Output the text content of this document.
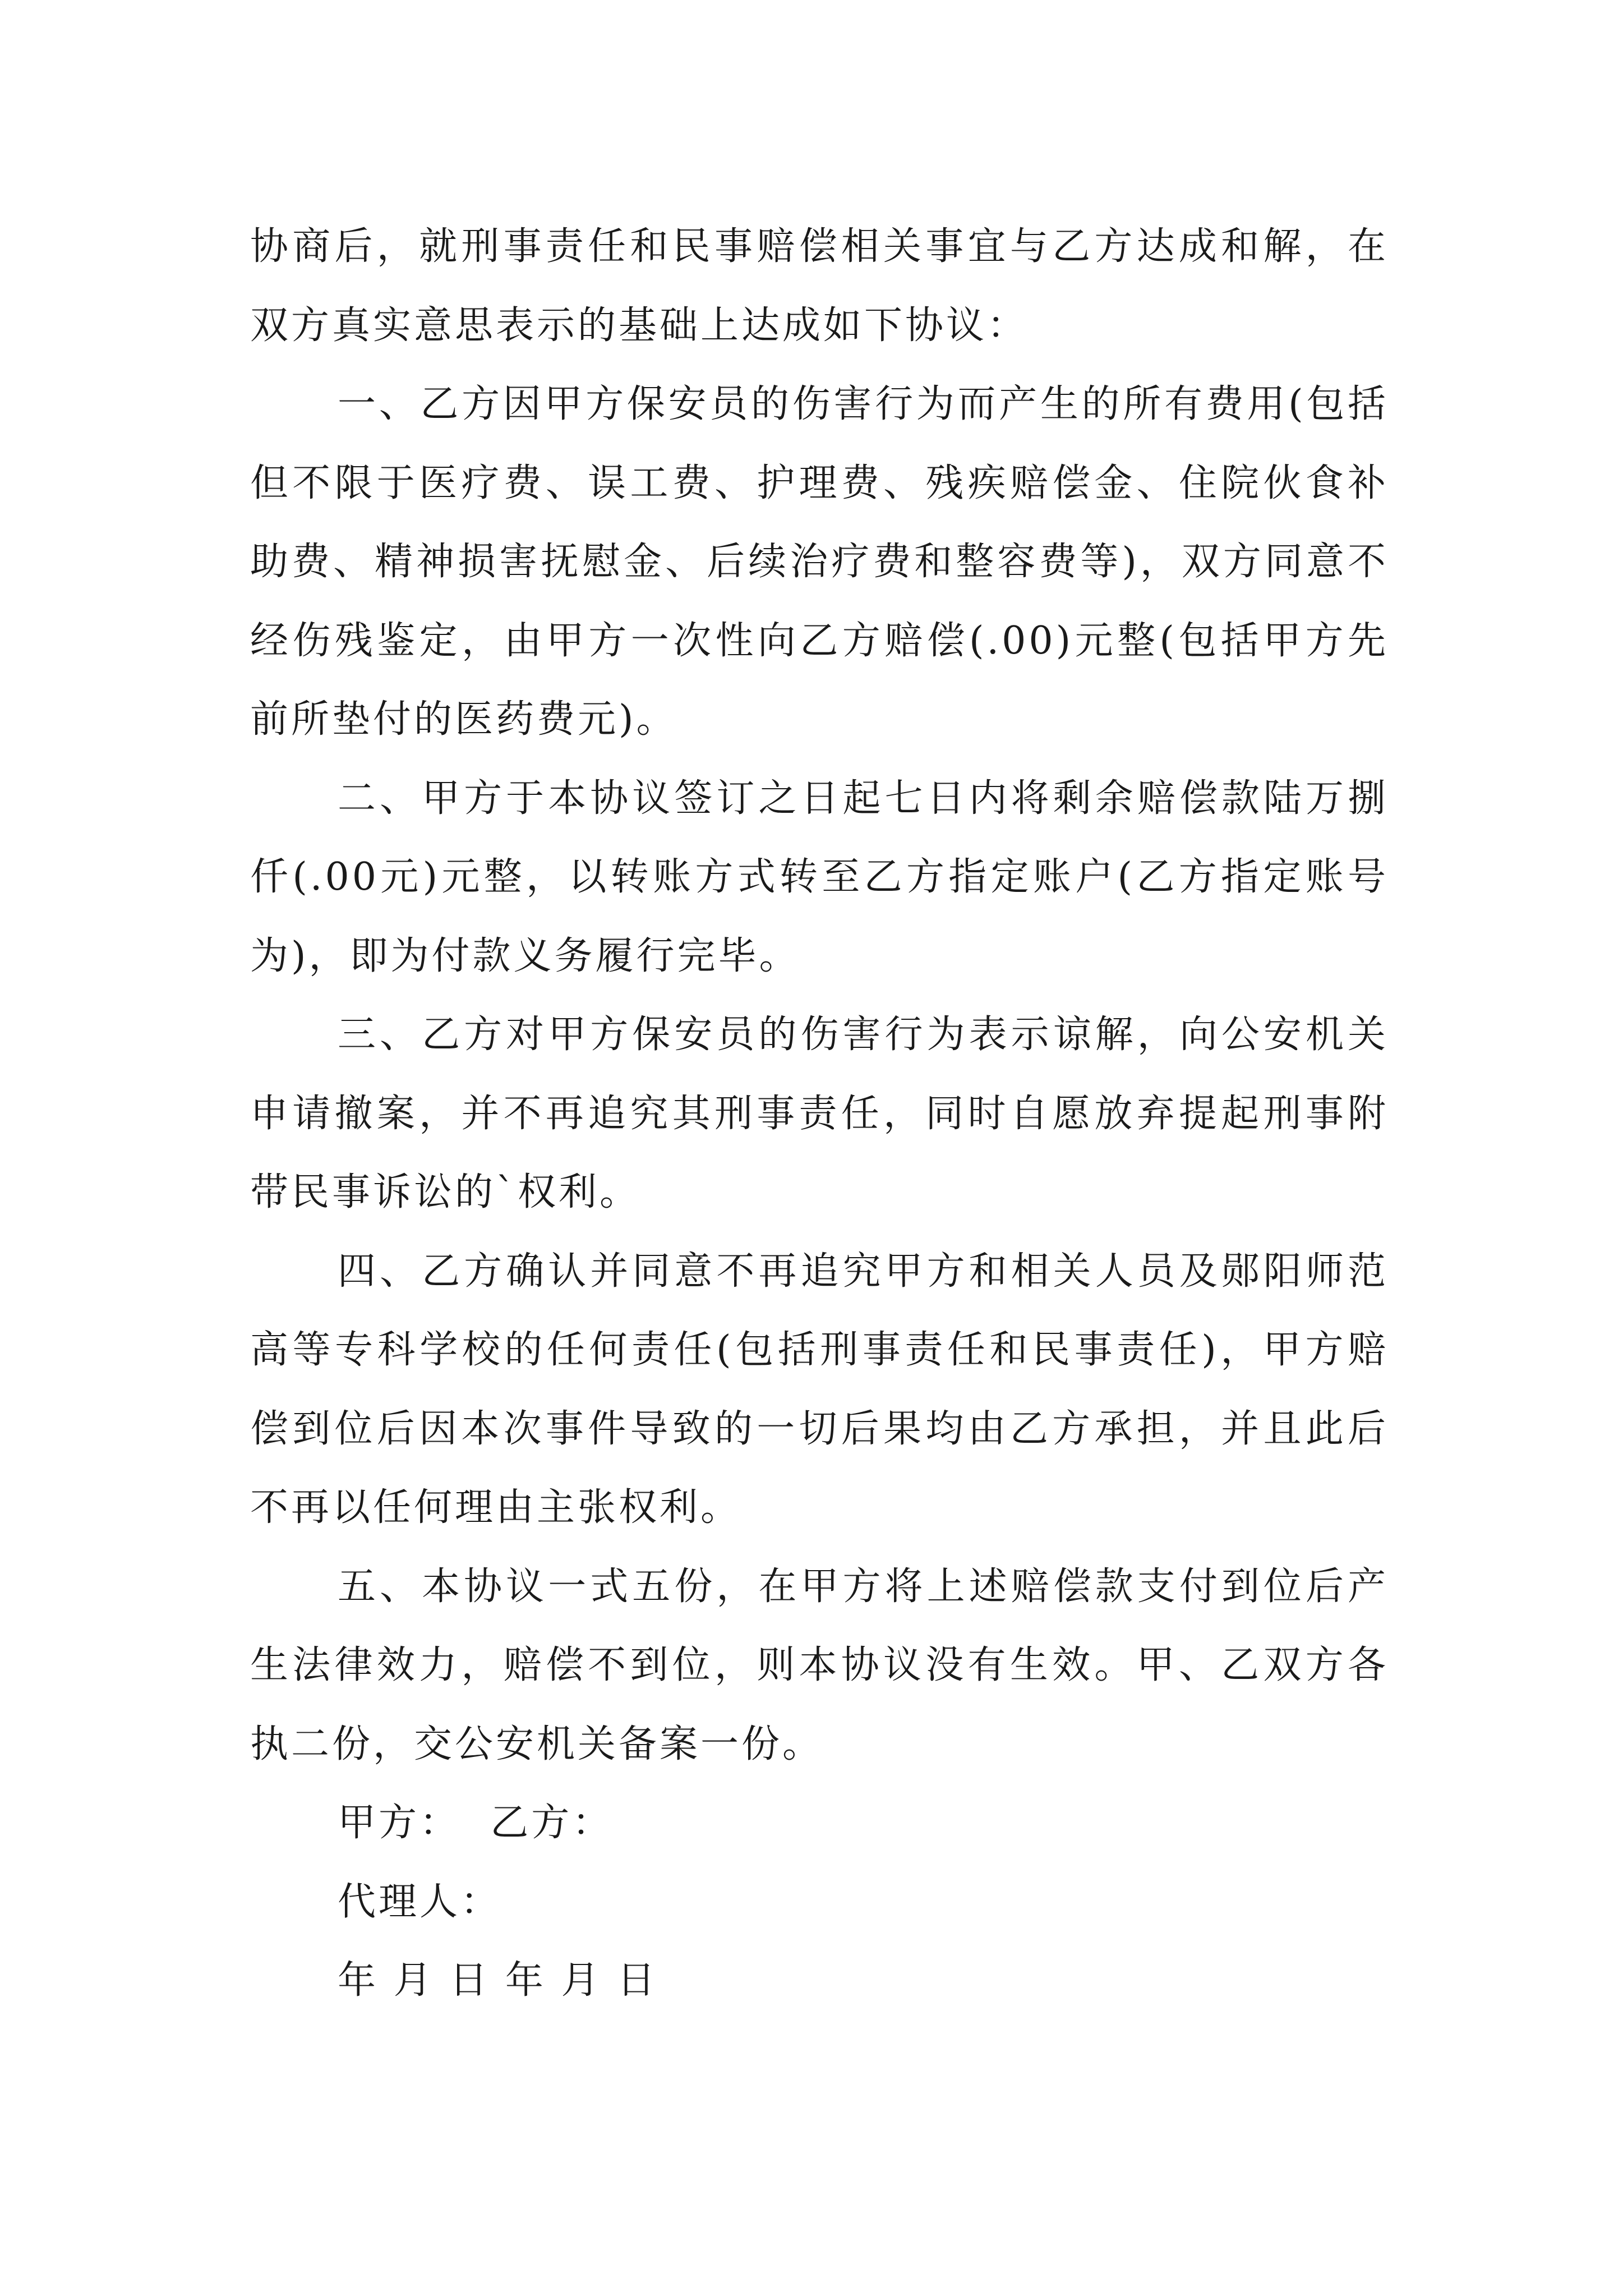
协商后，就刑事责任和民事赔偿相关事宜与乙方达成和解，在双方真实意思表示的基础上达成如下协议：

一、乙方因甲方保安员的伤害行为而产生的所有费用(包括但不限于医疗费、误工费、护理费、残疾赔偿金、住院伙食补助费、精神损害抚慰金、后续治疗费和整容费等)，双方同意不经伤残鉴定，由甲方一次性向乙方赔偿(.00)元整(包括甲方先前所垫付的医药费元)。

二、甲方于本协议签订之日起七日内将剩余赔偿款陆万捌仟(.00元)元整，以转账方式转至乙方指定账户(乙方指定账号为)，即为付款义务履行完毕。

三、乙方对甲方保安员的伤害行为表示谅解，向公安机关申请撤案，并不再追究其刑事责任，同时自愿放弃提起刑事附带民事诉讼的`权利。

四、乙方确认并同意不再追究甲方和相关人员及郧阳师范高等专科学校的任何责任(包括刑事责任和民事责任)，甲方赔偿到位后因本次事件导致的一切后果均由乙方承担，并且此后不再以任何理由主张权利。

五、本协议一式五份，在甲方将上述赔偿款支付到位后产生法律效力，赔偿不到位，则本协议没有生效。甲、乙双方各执二份，交公安机关备案一份。

甲方：  乙方：

代理人：

年 月 日 年 月 日
